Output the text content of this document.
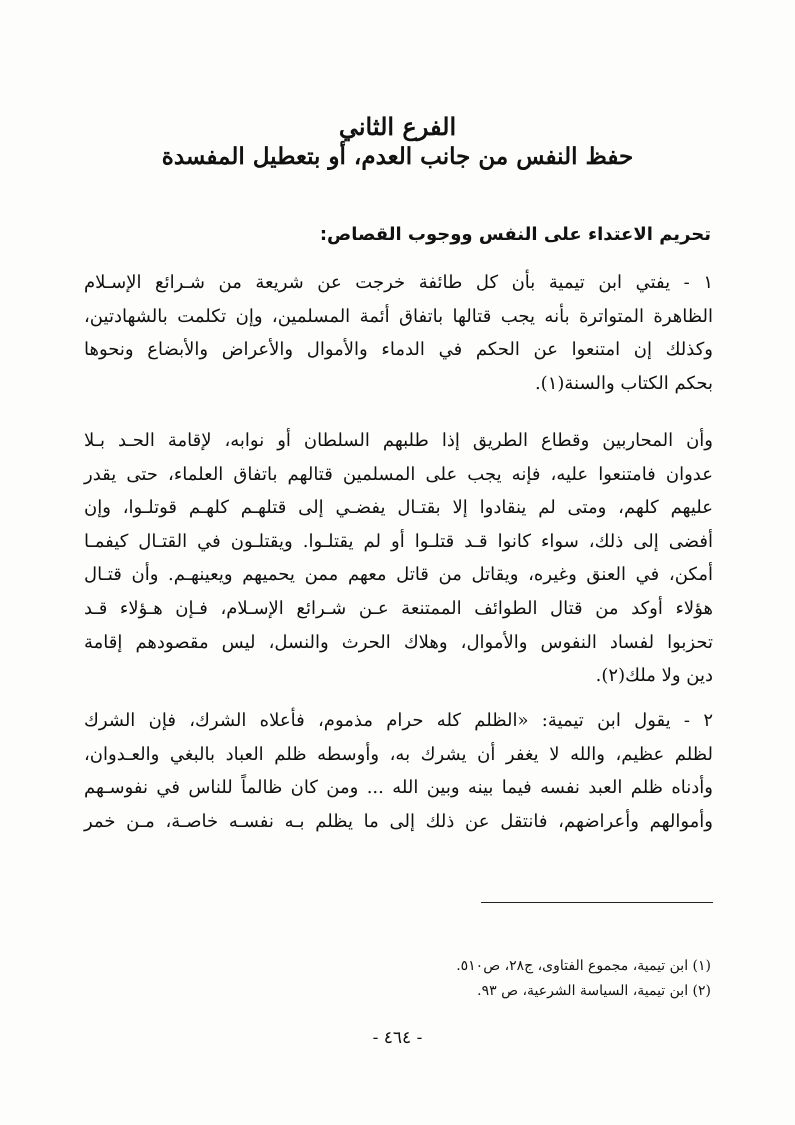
الفرع الثاني
حفظ النفس من جانب العدم، أو بتعطيل المفسدة
تحريم الاعتداء على النفس ووجوب القصاص:
١ - يفتي ابن تيمية بأن كل طائفة خرجت عن شريعة من شـرائع الإسـلام
الظاهرة المتواترة بأنه يجب قتالها باتفاق أئمة المسلمين، وإن تكلمت بالشهادتين،
وكذلك إن امتنعوا عن الحكم في الدماء والأموال والأعراض والأبضاع ونحوها
بحكم الكتاب والسنة(١).
وأن المحاربين وقطاع الطريق إذا طلبهم السلطان أو نوابه، لإقامة الحـد بـلا
عدوان فامتنعوا عليه، فإنه يجب على المسلمين قتالهم باتفاق العلماء، حتى يقدر
عليهم كلهم، ومتى لم ينقادوا إلا بقتـال يفضـي إلى قتلهـم كلهـم قوتلـوا، وإن
أفضى إلى ذلك، سواء كانوا قـد قتلـوا أو لم يقتلـوا. ويقتلـون في القتـال كيفمـا
أمكن، في العنق وغيره، ويقاتل من قاتل معهم ممن يحميهم ويعينهـم. وأن قتـال
هؤلاء أوكد من قتال الطوائف الممتنعة عـن شـرائع الإسـلام، فـإن هـؤلاء قـد
تحزبوا لفساد النفوس والأموال، وهلاك الحرث والنسل، ليس مقصودهم إقامة
دين ولا ملك(٢).
٢ - يقول ابن تيمية: «الظلم كله حرام مذموم، فأعلاه الشرك، فإن الشرك
لظلم عظيم، والله لا يغفر أن يشرك به، وأوسطه ظلم العباد بالبغي والعـدوان،
وأدناه ظلم العبد نفسه فيما بينه وبين الله ... ومن كان ظالماً للناس في نفوسـهم
وأموالهم وأعراضهم، فانتقل عن ذلك إلى ما يظلم بـه نفسـه خاصـة، مـن خمر
(١) ابن تيمية، مجموع الفتاوى، ج٢٨، ص٥١٠.
(٢) ابن تيمية، السياسة الشرعية، ص ٩٣.
- ٤٦٤ -
